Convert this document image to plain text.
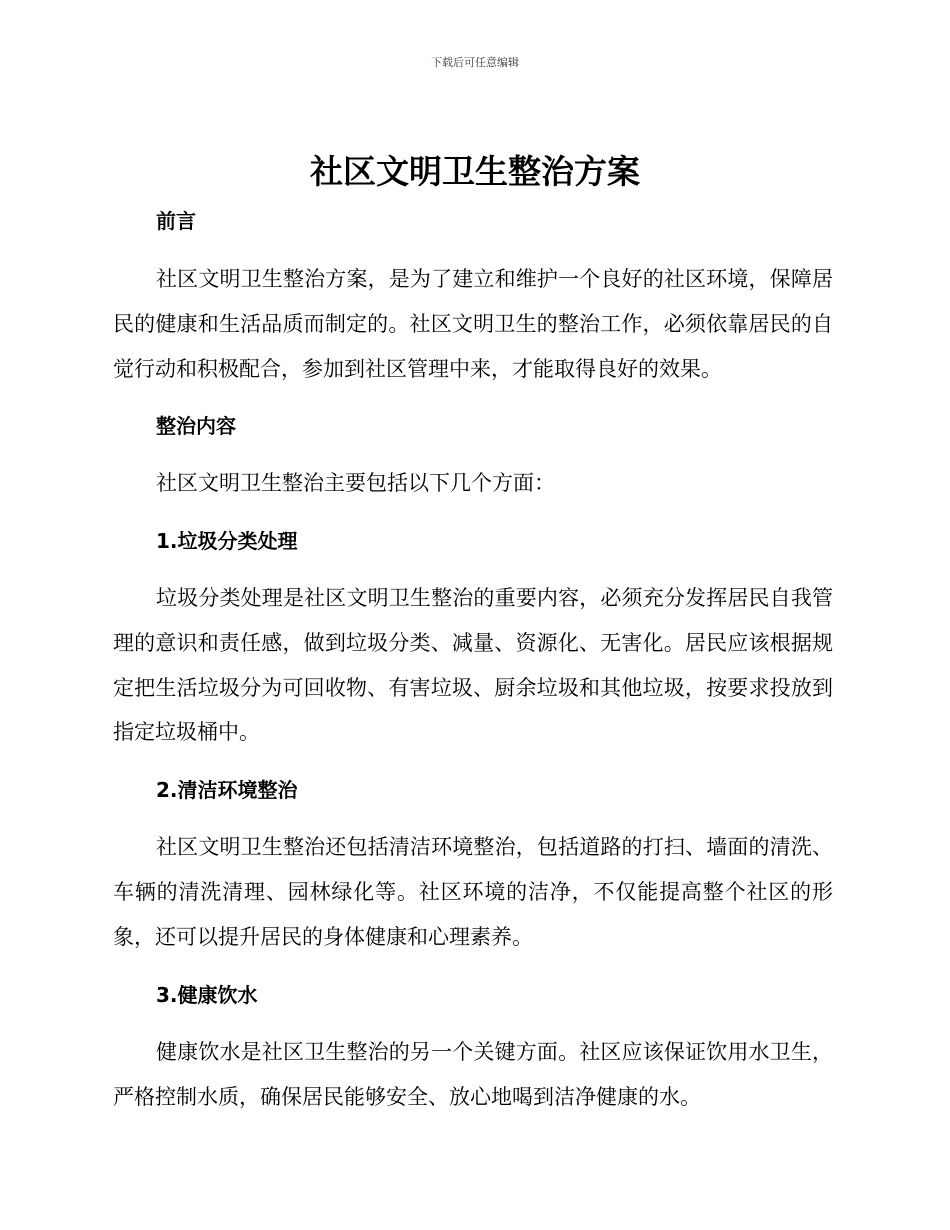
下载后可任意编辑
社区文明卫生整治方案
前言

社区文明卫生整治方案，是为了建立和维护一个良好的社区环境，保障居民的健康和生活品质而制定的。社区文明卫生的整治工作，必须依靠居民的自觉行动和积极配合，参加到社区管理中来，才能取得良好的效果。

整治内容

社区文明卫生整治主要包括以下几个方面：

1.垃圾分类处理

垃圾分类处理是社区文明卫生整治的重要内容，必须充分发挥居民自我管理的意识和责任感，做到垃圾分类、减量、资源化、无害化。居民应该根据规定把生活垃圾分为可回收物、有害垃圾、厨余垃圾和其他垃圾，按要求投放到指定垃圾桶中。

2.清洁环境整治

社区文明卫生整治还包括清洁环境整治，包括道路的打扫、墙面的清洗、车辆的清洗清理、园林绿化等。社区环境的洁净，不仅能提高整个社区的形象，还可以提升居民的身体健康和心理素养。

3.健康饮水

健康饮水是社区卫生整治的另一个关键方面。社区应该保证饮用水卫生，严格控制水质，确保居民能够安全、放心地喝到洁净健康的水。
